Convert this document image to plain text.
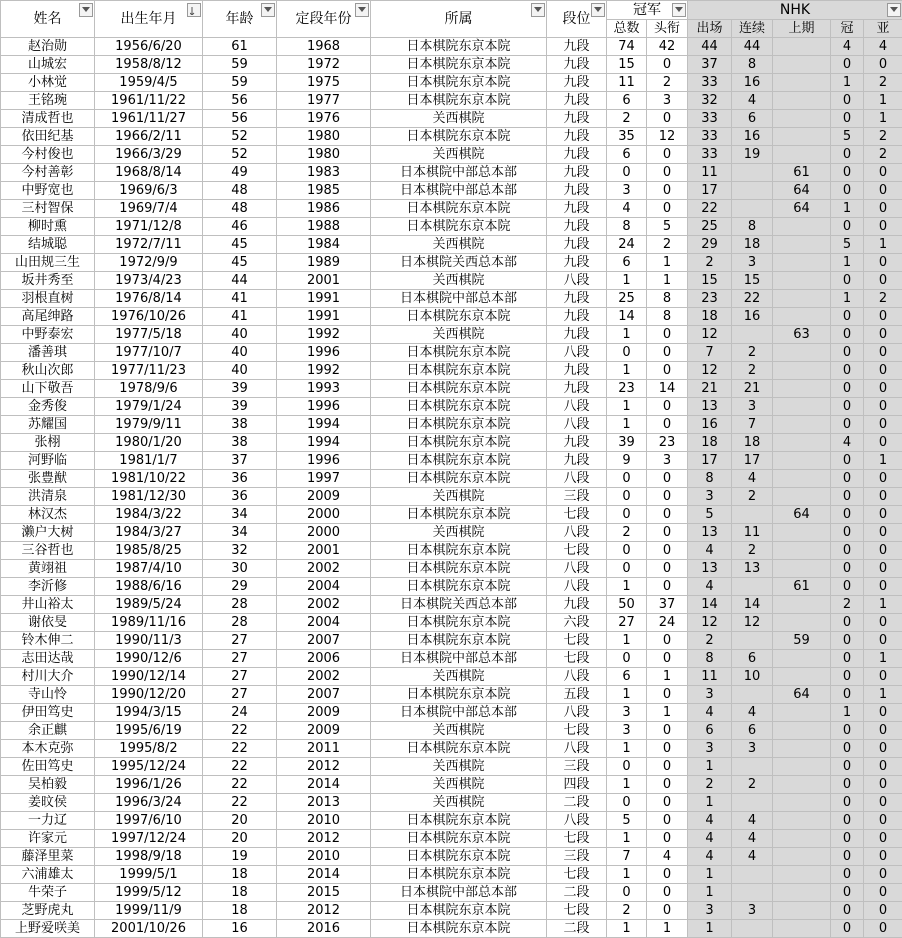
姓名	出生年月	年龄	定段年份	所属	段位	冠军		NHK				

						总数	头衔	出场	连续	上期	冠	亚
赵治勋	1956/6/20	61	1968	日本棋院东京本院	九段	74	42	44	44		4	4
山城宏	1958/8/12	59	1972	日本棋院东京本院	九段	15	0	37	8		0	0
小林觉	1959/4/5	59	1975	日本棋院东京本院	九段	11	2	33	16		1	2
王铭琬	1961/11/22	56	1977	日本棋院东京本院	九段	6	3	32	4		0	1
清成哲也	1961/11/27	56	1976	关西棋院	九段	2	0	33	6		0	1
依田纪基	1966/2/11	52	1980	日本棋院东京本院	九段	35	12	33	16		5	2
今村俊也	1966/3/29	52	1980	关西棋院	九段	6	0	33	19		0	2
今村善彰	1968/8/14	49	1983	日本棋院中部总本部	九段	0	0	11		61	0	0
中野宽也	1969/6/3	48	1985	日本棋院中部总本部	九段	3	0	17		64	0	0
三村智保	1969/7/4	48	1986	日本棋院东京本院	九段	4	0	22		64	1	0
柳时熏	1971/12/8	46	1988	日本棋院东京本院	九段	8	5	25	8		0	0
结城聪	1972/7/11	45	1984	关西棋院	九段	24	2	29	18		5	1
山田规三生	1972/9/9	45	1989	日本棋院关西总本部	九段	6	1	2	3		1	0
坂井秀至	1973/4/23	44	2001	关西棋院	八段	1	1	15	15		0	0
羽根直树	1976/8/14	41	1991	日本棋院中部总本部	九段	25	8	23	22		1	2
高尾绅路	1976/10/26	41	1991	日本棋院东京本院	九段	14	8	18	16		0	0
中野泰宏	1977/5/18	40	1992	关西棋院	九段	1	0	12		63	0	0
潘善琪	1977/10/7	40	1996	日本棋院东京本院	八段	0	0	7	2		0	0
秋山次郎	1977/11/23	40	1992	日本棋院东京本院	九段	1	0	12	2		0	0
山下敬吾	1978/9/6	39	1993	日本棋院东京本院	九段	23	14	21	21		0	0
金秀俊	1979/1/24	39	1996	日本棋院东京本院	八段	1	0	13	3		0	0
苏耀国	1979/9/11	38	1994	日本棋院东京本院	八段	1	0	16	7		0	0
张栩	1980/1/20	38	1994	日本棋院东京本院	九段	39	23	18	18		4	0
河野临	1981/1/7	37	1996	日本棋院东京本院	九段	9	3	17	17		0	1
张豊猷	1981/10/22	36	1997	日本棋院东京本院	八段	0	0	8	4		0	0
洪清泉	1981/12/30	36	2009	关西棋院	三段	0	0	3	2		0	0
林汉杰	1984/3/22	34	2000	日本棋院东京本院	七段	0	0	5		64	0	0
濑户大树	1984/3/27	34	2000	关西棋院	八段	2	0	13	11		0	0
三谷哲也	1985/8/25	32	2001	日本棋院东京本院	七段	0	0	4	2		0	0
黄翊祖	1987/4/10	30	2002	日本棋院东京本院	八段	0	0	13	13		0	0
李沂修	1988/6/16	29	2004	日本棋院东京本院	八段	1	0	4		61	0	0
井山裕太	1989/5/24	28	2002	日本棋院关西总本部	九段	50	37	14	14		2	1
谢依旻	1989/11/16	28	2004	日本棋院东京本院	六段	27	24	12	12		0	0
铃木伸二	1990/11/3	27	2007	日本棋院东京本院	七段	1	0	2		59	0	0
志田达哉	1990/12/6	27	2006	日本棋院中部总本部	七段	0	0	8	6		0	1
村川大介	1990/12/14	27	2002	关西棋院	八段	6	1	11	10		0	0
寺山怜	1990/12/20	27	2007	日本棋院东京本院	五段	1	0	3		64	0	1
伊田笃史	1994/3/15	24	2009	日本棋院中部总本部	八段	3	1	4	4		1	0
余正麒	1995/6/19	22	2009	关西棋院	七段	3	0	6	6		0	0
本木克弥	1995/8/2	22	2011	日本棋院东京本院	八段	1	0	3	3		0	0
佐田笃史	1995/12/24	22	2012	关西棋院	三段	0	0	1			0	0
吴柏毅	1996/1/26	22	2014	关西棋院	四段	1	0	2	2		0	0
姜旼侯	1996/3/24	22	2013	关西棋院	二段	0	0	1			0	0
一力辽	1997/6/10	20	2010	日本棋院东京本院	八段	5	0	4	4		0	0
许家元	1997/12/24	20	2012	日本棋院东京本院	七段	1	0	4	4		0	0
藤泽里菜	1998/9/18	19	2010	日本棋院东京本院	三段	7	4	4	4		0	0
六浦雄太	1999/5/1	18	2014	日本棋院东京本院	七段	1	0	1			0	0
牛荣子	1999/5/12	18	2015	日本棋院中部总本部	二段	0	0	1			0	0
芝野虎丸	1999/11/9	18	2012	日本棋院东京本院	七段	2	0	3	3		0	0
上野爱咲美	2001/10/26	16	2016	日本棋院东京本院	二段	1	1	1			0	0
